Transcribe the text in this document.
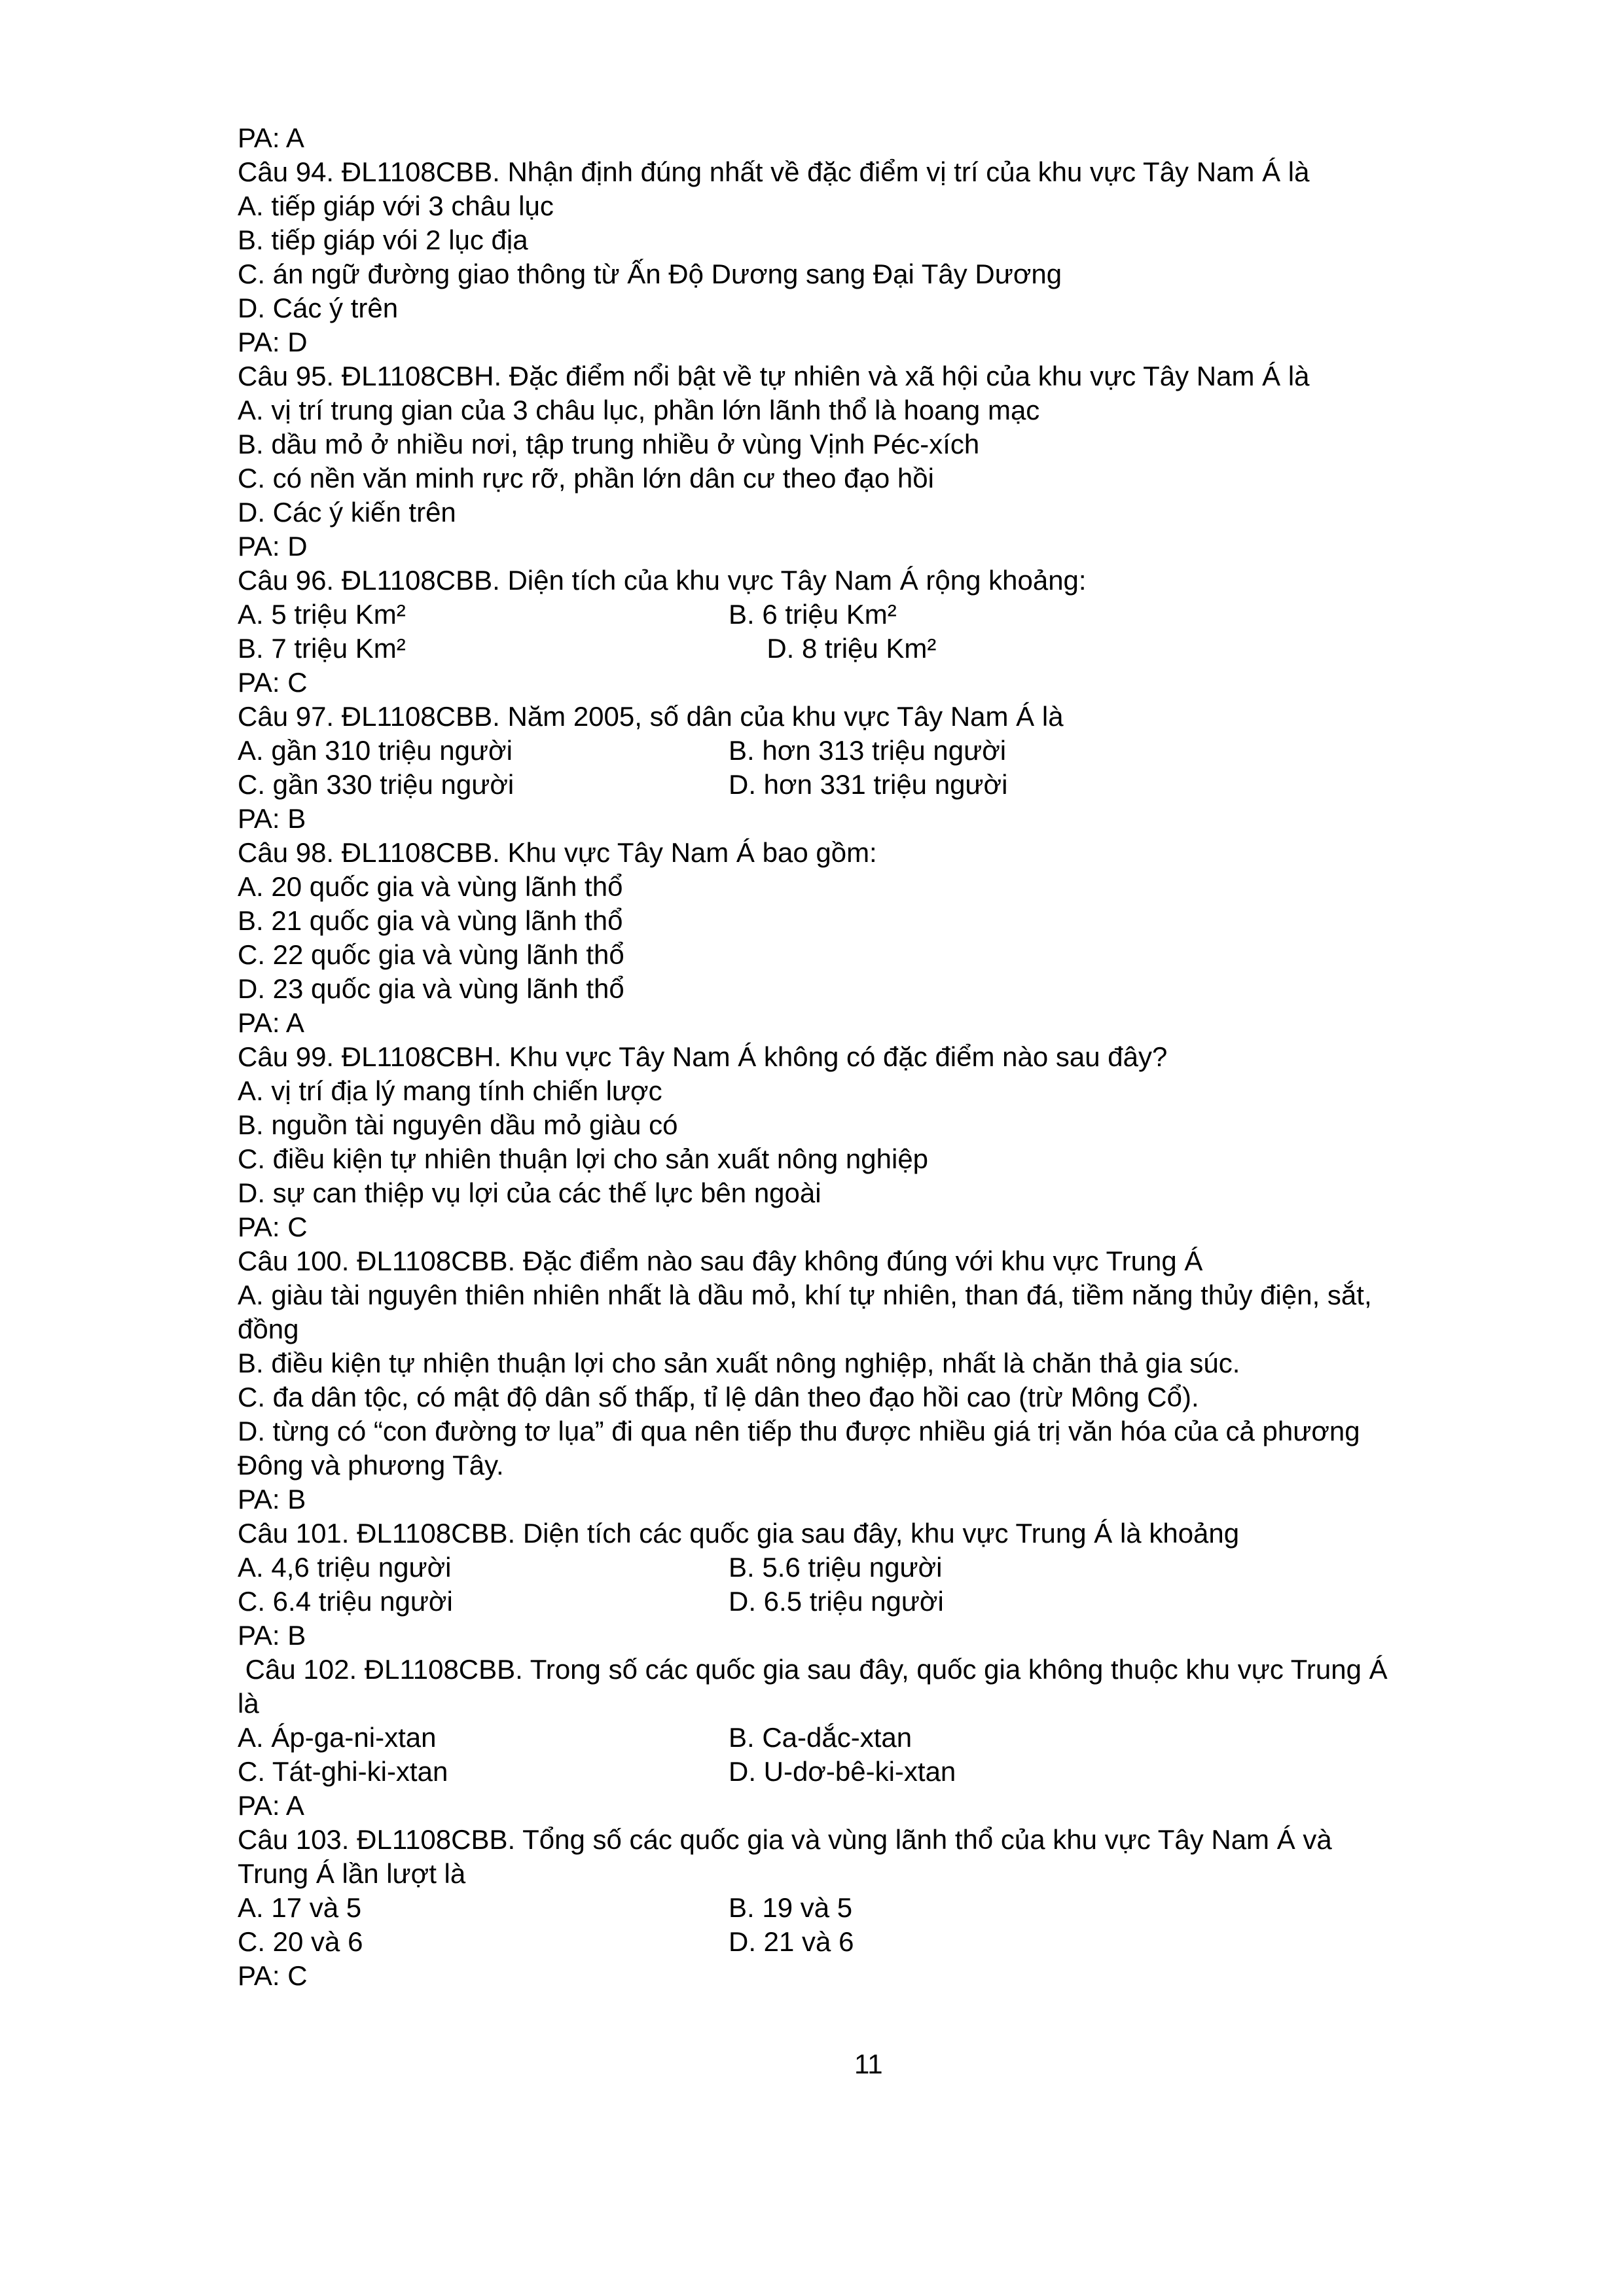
PA: A
Câu 94. ĐL1108CBB. Nhận định đúng nhất về đặc điểm vị trí của khu vực Tây Nam Á là
A. tiếp giáp với 3 châu lục
B. tiếp giáp vói 2 lục địa
C. án ngữ đường giao thông từ Ấn Độ Dương sang Đại Tây Dương
D. Các ý trên
PA: D
Câu 95. ĐL1108CBH. Đặc điểm nổi bật về tự nhiên và xã hội của khu vực Tây Nam Á là
A. vị trí trung gian của 3 châu lục, phần lớn lãnh thổ là hoang mạc
B. dầu mỏ ở nhiều nơi, tập trung nhiều ở vùng Vịnh Péc-xích
C. có nền văn minh rực rỡ, phần lớn dân cư theo đạo hồi
D. Các ý kiến trên
PA: D
Câu 96. ĐL1108CBB. Diện tích của khu vực Tây Nam Á rộng khoảng:
A. 5 triệu Km²	B. 6 triệu Km²
B. 7 triệu Km²	D. 8 triệu Km²
PA: C
Câu 97. ĐL1108CBB. Năm 2005, số dân của khu vực Tây Nam Á là
A. gần 310 triệu người	B. hơn 313 triệu người
C. gần 330 triệu người	D. hơn 331 triệu người
PA: B
Câu 98. ĐL1108CBB. Khu vực Tây Nam Á bao gồm:
A. 20 quốc gia và vùng lãnh thổ
B. 21 quốc gia và vùng lãnh thổ
C. 22 quốc gia và vùng lãnh thổ
D. 23 quốc gia và vùng lãnh thổ
PA: A
Câu 99. ĐL1108CBH. Khu vực Tây Nam Á không có đặc điểm nào sau đây?
A. vị trí địa lý mang tính chiến lược
B. nguồn tài nguyên dầu mỏ giàu có
C. điều kiện tự nhiên thuận lợi cho sản xuất nông nghiệp
D. sự can thiệp vụ lợi của các thế lực bên ngoài
PA: C
Câu 100. ĐL1108CBB. Đặc điểm nào sau đây không đúng với khu vực Trung Á
A. giàu tài nguyên thiên nhiên nhất là dầu mỏ, khí tự nhiên, than đá, tiềm năng thủy điện, sắt,
đồng
B. điều kiện tự nhiện thuận lợi cho sản xuất nông nghiệp, nhất là chăn thả gia súc.
C. đa dân tộc, có mật độ dân số thấp, tỉ lệ dân theo đạo hồi cao (trừ Mông Cổ).
D. từng có “con đường tơ lụa” đi qua nên tiếp thu được nhiều giá trị văn hóa của cả phương
Đông và phương Tây.
PA: B
Câu 101. ĐL1108CBB. Diện tích các quốc gia sau đây, khu vực Trung Á là khoảng
A. 4,6 triệu người	B. 5.6 triệu người
C. 6.4 triệu người	D. 6.5 triệu người
PA: B
Câu 102. ĐL1108CBB. Trong số các quốc gia sau đây, quốc gia không thuộc khu vực Trung Á
là
A. Áp-ga-ni-xtan	B. Ca-dắc-xtan
C. Tát-ghi-ki-xtan	D. U-dơ-bê-ki-xtan
PA: A
Câu 103. ĐL1108CBB. Tổng số các quốc gia và vùng lãnh thổ của khu vực Tây Nam Á và
Trung Á lần lượt là
A. 17 và 5	B. 19 và 5
C. 20 và 6	D. 21 và 6
PA: C
11
